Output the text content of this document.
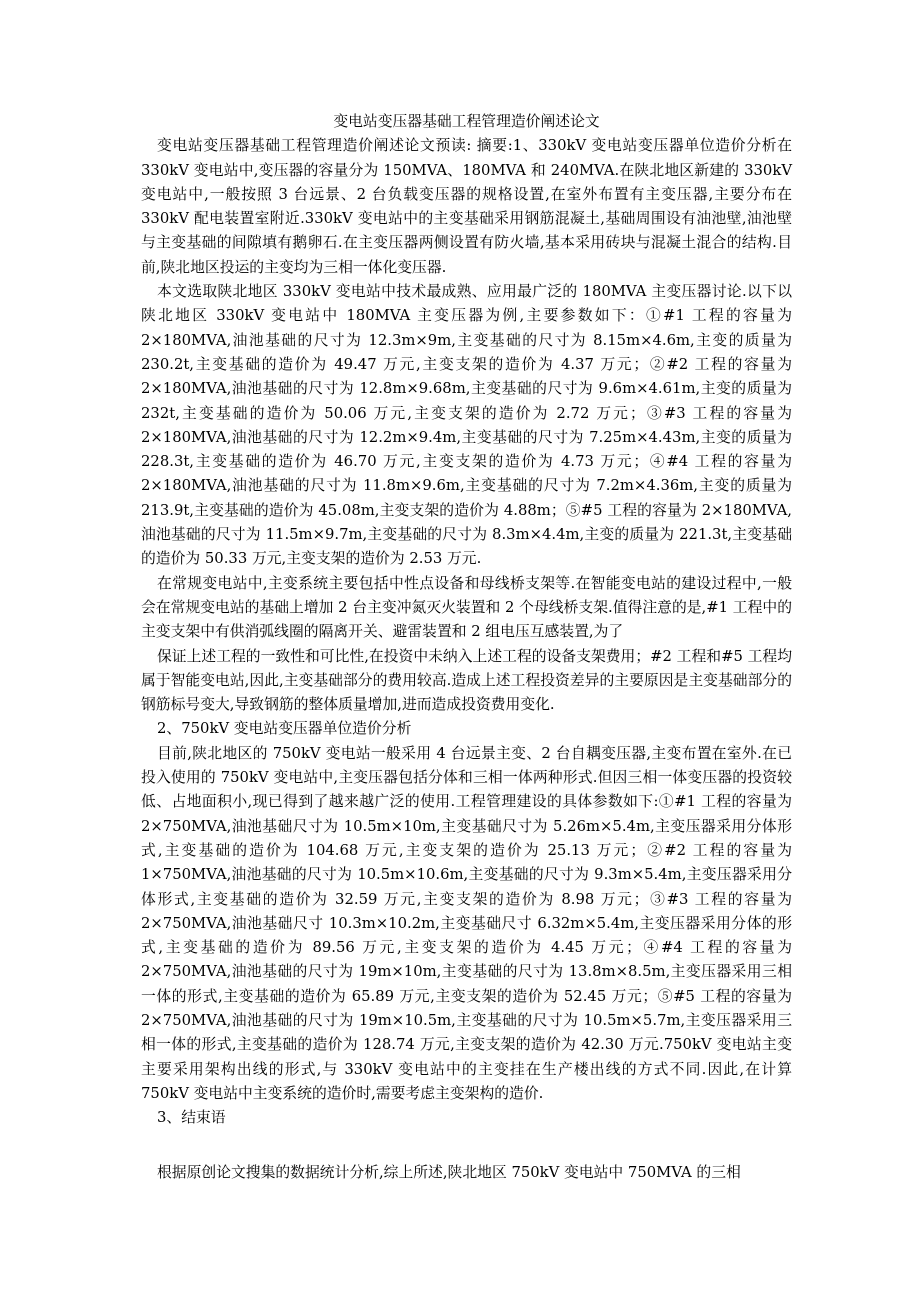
变电站变压器基础工程管理造价阐述论文

变电站变压器基础工程管理造价阐述论文预读: 摘要:1、330kV 变电站变压器单位造价分析在 330kV 变电站中,变压器的容量分为 150MVA、180MVA 和 240MVA.在陕北地区新建的 330kV 变电站中,一般按照 3 台远景、2 台负载变压器的规格设置,在室外布置有主变压器,主要分布在 330kV 配电装置室附近.330kV 变电站中的主变基础采用钢筋混凝土,基础周围设有油池壁,油池壁与主变基础的间隙填有鹅卵石.在主变压器两侧设置有防火墙,基本采用砖块与混凝土混合的结构.目前,陕北地区投运的主变均为三相一体化变压器.

本文选取陕北地区 330kV 变电站中技术最成熟、应用最广泛的 180MVA 主变压器讨论.以下以陕北地区 330kV 变电站中 180MVA 主变压器为例,主要参数如下：①#1 工程的容量为 2×180MVA,油池基础的尺寸为 12.3m×9m,主变基础的尺寸为 8.15m×4.6m,主变的质量为 230.2t,主变基础的造价为 49.47 万元,主变支架的造价为 4.37 万元；②#2 工程的容量为 2×180MVA,油池基础的尺寸为 12.8m×9.68m,主变基础的尺寸为 9.6m×4.61m,主变的质量为 232t,主变基础的造价为 50.06 万元,主变支架的造价为 2.72 万元；③#3 工程的容量为 2×180MVA,油池基础的尺寸为 12.2m×9.4m,主变基础的尺寸为 7.25m×4.43m,主变的质量为 228.3t,主变基础的造价为 46.70 万元,主变支架的造价为 4.73 万元；④#4 工程的容量为 2×180MVA,油池基础的尺寸为 11.8m×9.6m,主变基础的尺寸为 7.2m×4.36m,主变的质量为 213.9t,主变基础的造价为 45.08m,主变支架的造价为 4.88m；⑤#5 工程的容量为 2×180MVA,油池基础的尺寸为 11.5m×9.7m,主变基础的尺寸为 8.3m×4.4m,主变的质量为 221.3t,主变基础的造价为 50.33 万元,主变支架的造价为 2.53 万元.

在常规变电站中,主变系统主要包括中性点设备和母线桥支架等.在智能变电站的建设过程中,一般会在常规变电站的基础上增加 2 台主变冲氮灭火装置和 2 个母线桥支架.值得注意的是,#1 工程中的主变支架中有供消弧线圈的隔离开关、避雷装置和 2 组电压互感装置,为了

保证上述工程的一致性和可比性,在投资中未纳入上述工程的设备支架费用；#2 工程和#5 工程均属于智能变电站,因此,主变基础部分的费用较高.造成上述工程投资差异的主要原因是主变基础部分的钢筋标号变大,导致钢筋的整体质量增加,进而造成投资费用变化.

2、750kV 变电站变压器单位造价分析

目前,陕北地区的 750kV 变电站一般采用 4 台远景主变、2 台自耦变压器,主变布置在室外.在已投入使用的 750kV 变电站中,主变压器包括分体和三相一体两种形式.但因三相一体变压器的投资较低、占地面积小,现已得到了越来越广泛的使用.工程管理建设的具体参数如下:①#1 工程的容量为 2×750MVA,油池基础尺寸为 10.5m×10m,主变基础尺寸为 5.26m×5.4m,主变压器采用分体形式,主变基础的造价为 104.68 万元,主变支架的造价为 25.13 万元；②#2 工程的容量为 1×750MVA,油池基础的尺寸为 10.5m×10.6m,主变基础的尺寸为 9.3m×5.4m,主变压器采用分体形式,主变基础的造价为 32.59 万元,主变支架的造价为 8.98 万元；③#3 工程的容量为 2×750MVA,油池基础尺寸 10.3m×10.2m,主变基础尺寸 6.32m×5.4m,主变压器采用分体的形式,主变基础的造价为 89.56 万元,主变支架的造价为 4.45 万元；④#4 工程的容量为 2×750MVA,油池基础的尺寸为 19m×10m,主变基础的尺寸为 13.8m×8.5m,主变压器采用三相一体的形式,主变基础的造价为 65.89 万元,主变支架的造价为 52.45 万元；⑤#5 工程的容量为 2×750MVA,油池基础的尺寸为 19m×10.5m,主变基础的尺寸为 10.5m×5.7m,主变压器采用三相一体的形式,主变基础的造价为 128.74 万元,主变支架的造价为 42.30 万元.750kV 变电站主变主要采用架构出线的形式,与 330kV 变电站中的主变挂在生产楼出线的方式不同.因此,在计算 750kV 变电站中主变系统的造价时,需要考虑主变架构的造价.

3、结束语

根据原创论文搜集的数据统计分析,综上所述,陕北地区 750kV 变电站中 750MVA 的三相
